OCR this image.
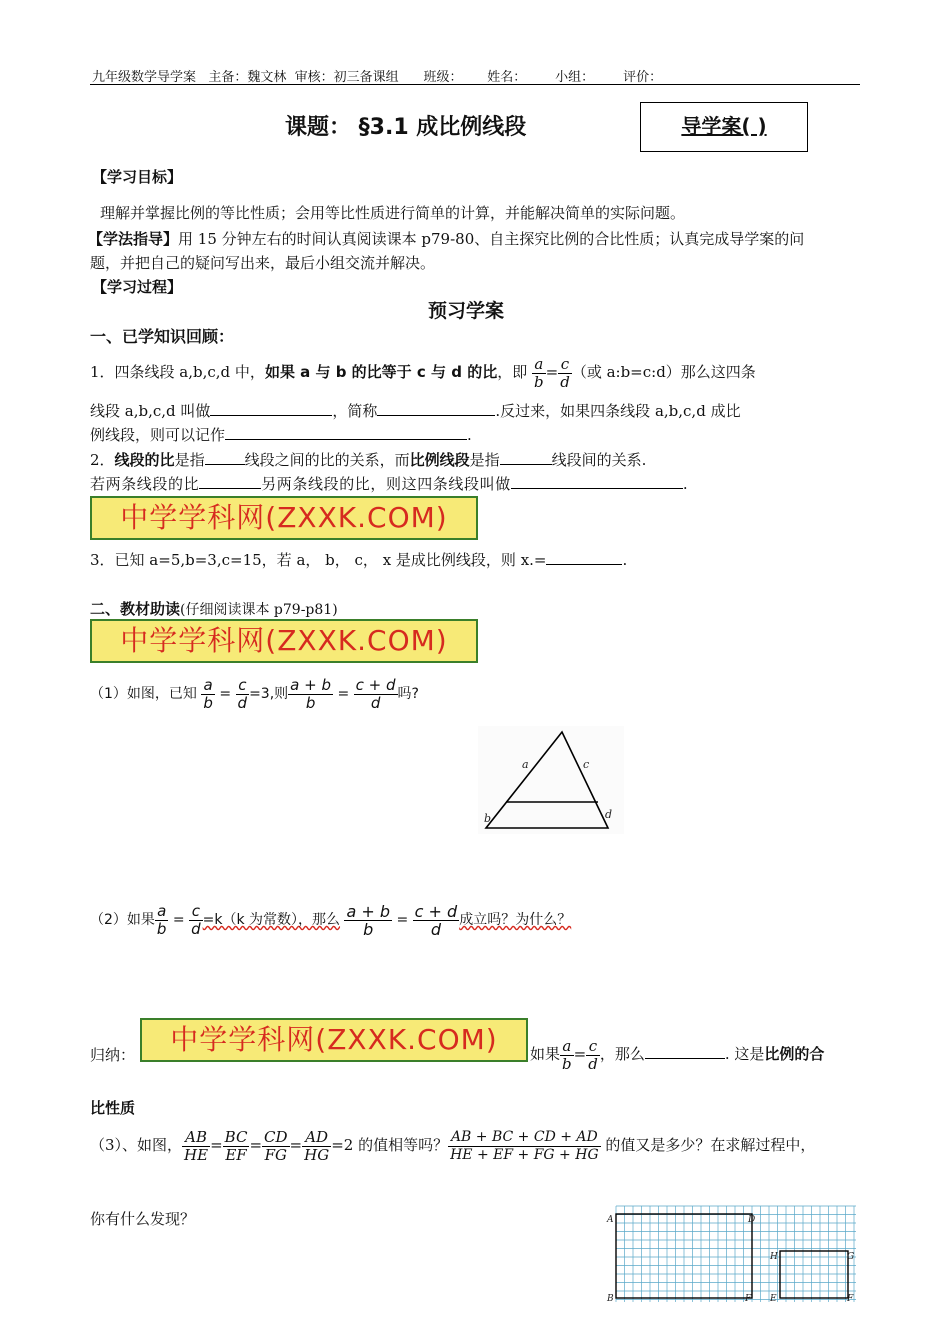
九年级数学导学案   主备：魏文林  审核：初三备课组      班级：      姓名：       小组：       评价：
课题： §3.1 成比例线段	导学案( )
【学习目标】
理解并掌握比例的等比性质；会用等比性质进行简单的计算，并能解决简单的实际问题。
【学法指导】用 15 分钟左右的时间认真阅读课本 p79-80、自主探究比例的合比性质；认真完成导学案的问
题，并把自己的疑问写出来，最后小组交流并解决。
【学习过程】
预习学案
一、已学知识回顾：
1．四条线段 a,b,c,d 中，如果 a 与 b 的比等于 c 与 d 的比，即 $\frac{a}{b} = \frac{c}{d}$ （或 a:b=c:d）那么这四条
线段 a,b,c,d 叫做	，简称	.反过来，如果四条线段 a,b,c,d 成比
例线段，则可以记作	.
2．线段的比是指	线段之间的比的关系，而比例线段是指	线段间的关系.
若两条线段的比	另两条线段的比，则这四条线段叫做	.
中学学科网(ZXXK.COM)
3．已知 a=5,b=3,c=15，若 a， b， c， x 是成比例线段，则 x.=	.
二、教材助读(仔细阅读课本 p79-p81)
中学学科网(ZXXK.COM)
（1）如图，已知 $\frac{a}{b} = \frac{c}{d} =3$,则 $\frac{a + b}{b} = \frac{c + d}{d}$ 吗?
a	c
b	d
（2）如果 $\frac{a}{b} = \frac{c}{d} =k(k$ 为常数），那么 $\frac{a + b}{b} = \frac{c + d}{d}$ 成立吗？为什么？
归纳：	中学学科网(ZXXK.COM)	如果 $\frac{a}{b} = \frac{c}{d}$ ，那么	. 这是比例的合
比性质
（3）、如图， $\frac{AB}{HE} = \frac{BC}{EF} = \frac{CD}{FG} = \frac{AD}{HG} =2$ 的值相等吗？ $\frac{AB + BC + CD + AD}{HE + EF + FG + HG}$ 的值又是多少？在求解过程中，
你有什么发现？	A	D
B	F
H	G
E	F
